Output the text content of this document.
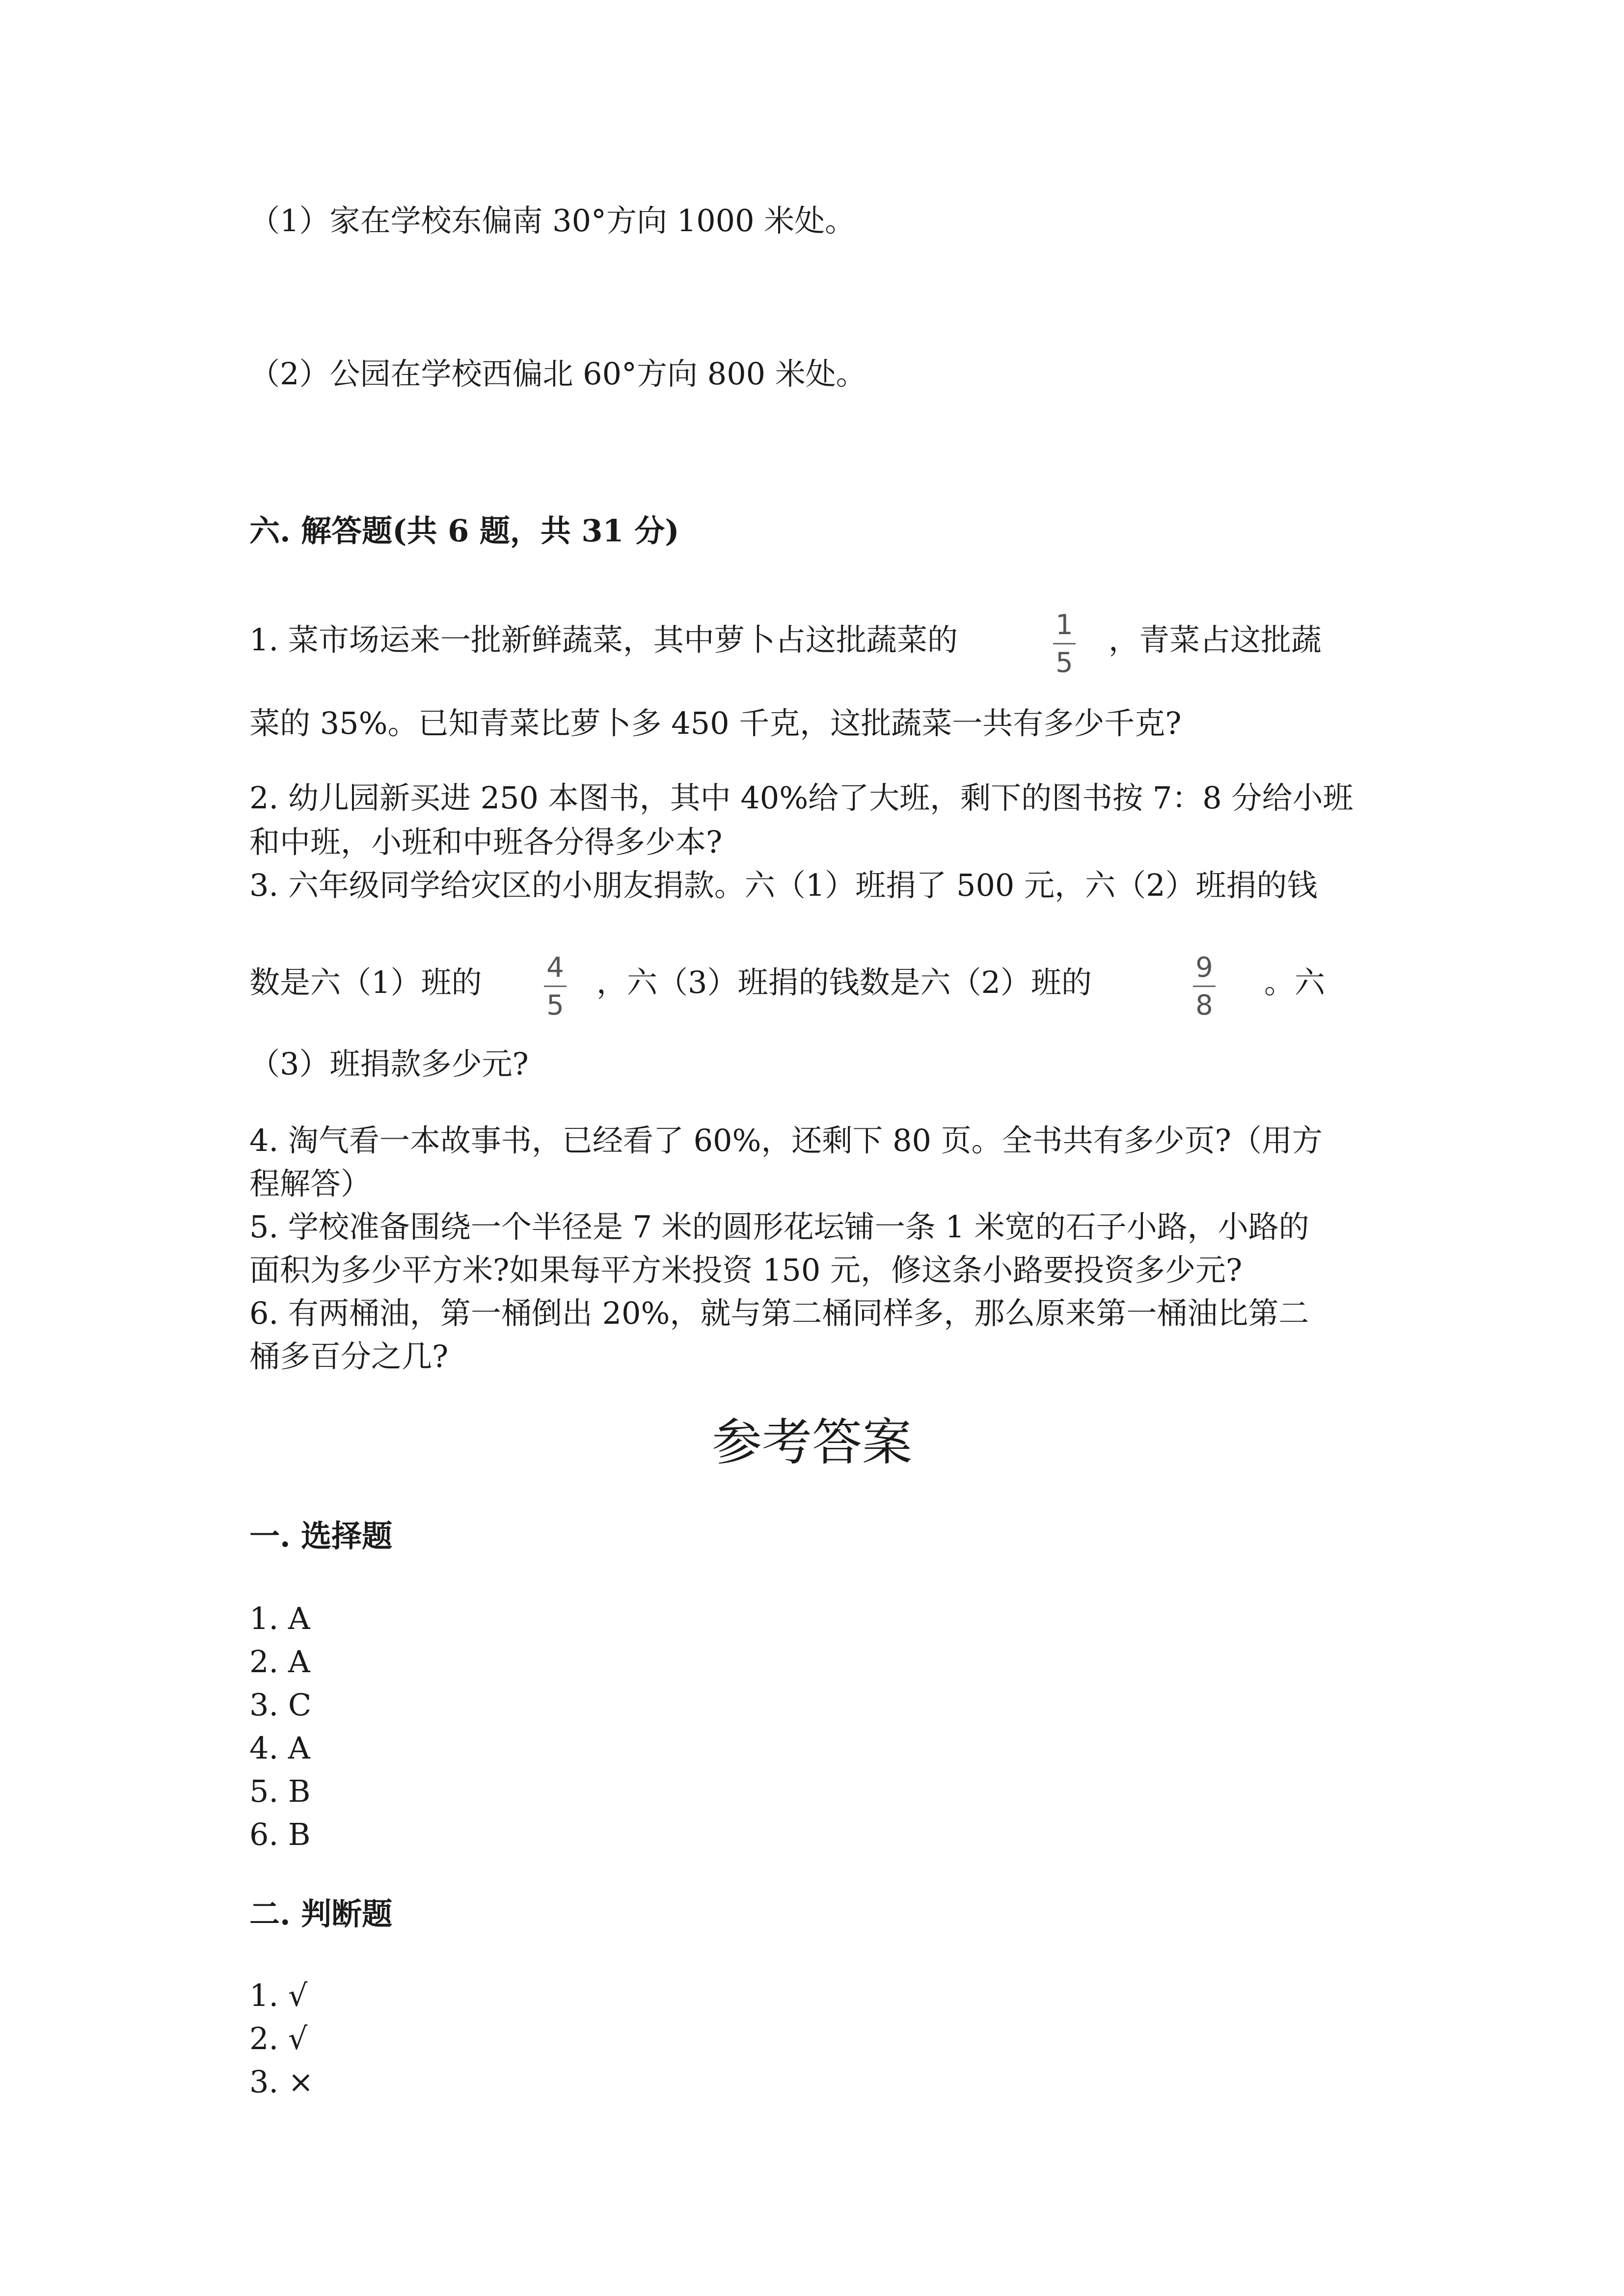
（1）家在学校东偏南 30°方向 1000 米处。
（2）公园在学校西偏北 60°方向 800 米处。
六. 解答题(共 6 题，共 31 分)
1. 菜市场运来一批新鲜蔬菜，其中萝卜占这批蔬菜的	1
5
，青菜占这批蔬
菜的 35%。已知青菜比萝卜多 450 千克，这批蔬菜一共有多少千克?
2. 幼儿园新买进 250 本图书，其中 40%给了大班，剩下的图书按 7：8 分给小班
和中班，小班和中班各分得多少本?
3. 六年级同学给灾区的小朋友捐款。六（1）班捐了 500 元，六（2）班捐的钱
数是六（1）班的 4
5
，六（3）班捐的钱数是六（2）班的	9
8
。六
（3）班捐款多少元?
4. 淘气看一本故事书，已经看了 60%，还剩下 80 页。全书共有多少页?（用方
程解答）
5. 学校准备围绕一个半径是 7 米的圆形花坛铺一条 1 米宽的石子小路，小路的
面积为多少平方米?如果每平方米投资 150 元，修这条小路要投资多少元?
6. 有两桶油，第一桶倒出 20%，就与第二桶同样多，那么原来第一桶油比第二
桶多百分之几?
参考答案
一. 选择题
1. A
2. A
3. C
4. A
5. B
6. B
二. 判断题
1. √
2. √
3. ×
